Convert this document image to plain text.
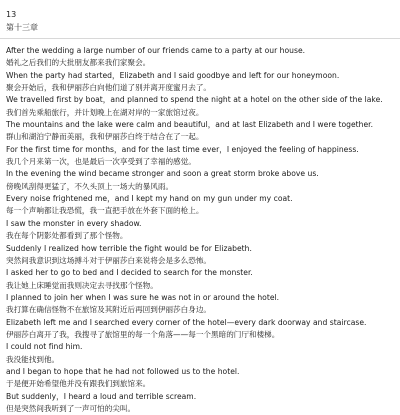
13
第十三章
After the wedding a large number of our friends came to a party at our house.
婚礼之后我们的大批朋友都来我们家聚会。
When the party had started，Elizabeth and I said goodbye and left for our honeymoon.
聚会开始后，我和伊丽莎白向他们道了别并离开度蜜月去了。
We travelled first by boat，and planned to spend the night at a hotel on the other side of the lake.
我们首先乘船旅行，并计划晚上在湖对岸的一家旅馆过夜。
The mountains and the lake were calm and beautiful，and at last Elizabeth and I were together.
群山和湖泊宁静而美丽，我和伊丽莎白终于结合在了一起。
For the first time for months，and for the last time ever，I enjoyed the feeling of happiness.
我几个月来第一次，也是最后一次享受到了幸福的感觉。
In the evening the wind became stronger and soon a great storm broke above us.
傍晚风刮得更猛了，不久头顶上一场大的暴风雨。
Every noise frightened me，and I kept my hand on my gun under my coat.
每一个声响都让我恐慌，我一直把手放在外套下面的枪上。
I saw the monster in every shadow.
我在每个阴影处都看到了那个怪物。
Suddenly I realized how terrible the fight would be for Elizabeth.
突然间我意识到这场搏斗对于伊丽莎白来说将会是多么恐怖。
I asked her to go to bed and I decided to search for the monster.
我让她上床睡觉而我则决定去寻找那个怪物。
I planned to join her when I was sure he was not in or around the hotel.
我打算在确信怪物不在旅馆及其附近后再回到伊丽莎白身边。
Elizabeth left me and I searched every corner of the hotel—every dark doorway and staircase.
伊丽莎白离开了我，我搜寻了旅馆里的每一个角落——每一个黑暗的门厅和楼梯。
I could not find him.
我没能找到他。
and I began to hope that he had not followed us to the hotel.
于是便开始希望他并没有跟我们到旅馆来。
But suddenly，I heard a loud and terrible scream.
但是突然间我听到了一声可怕的尖叫。
